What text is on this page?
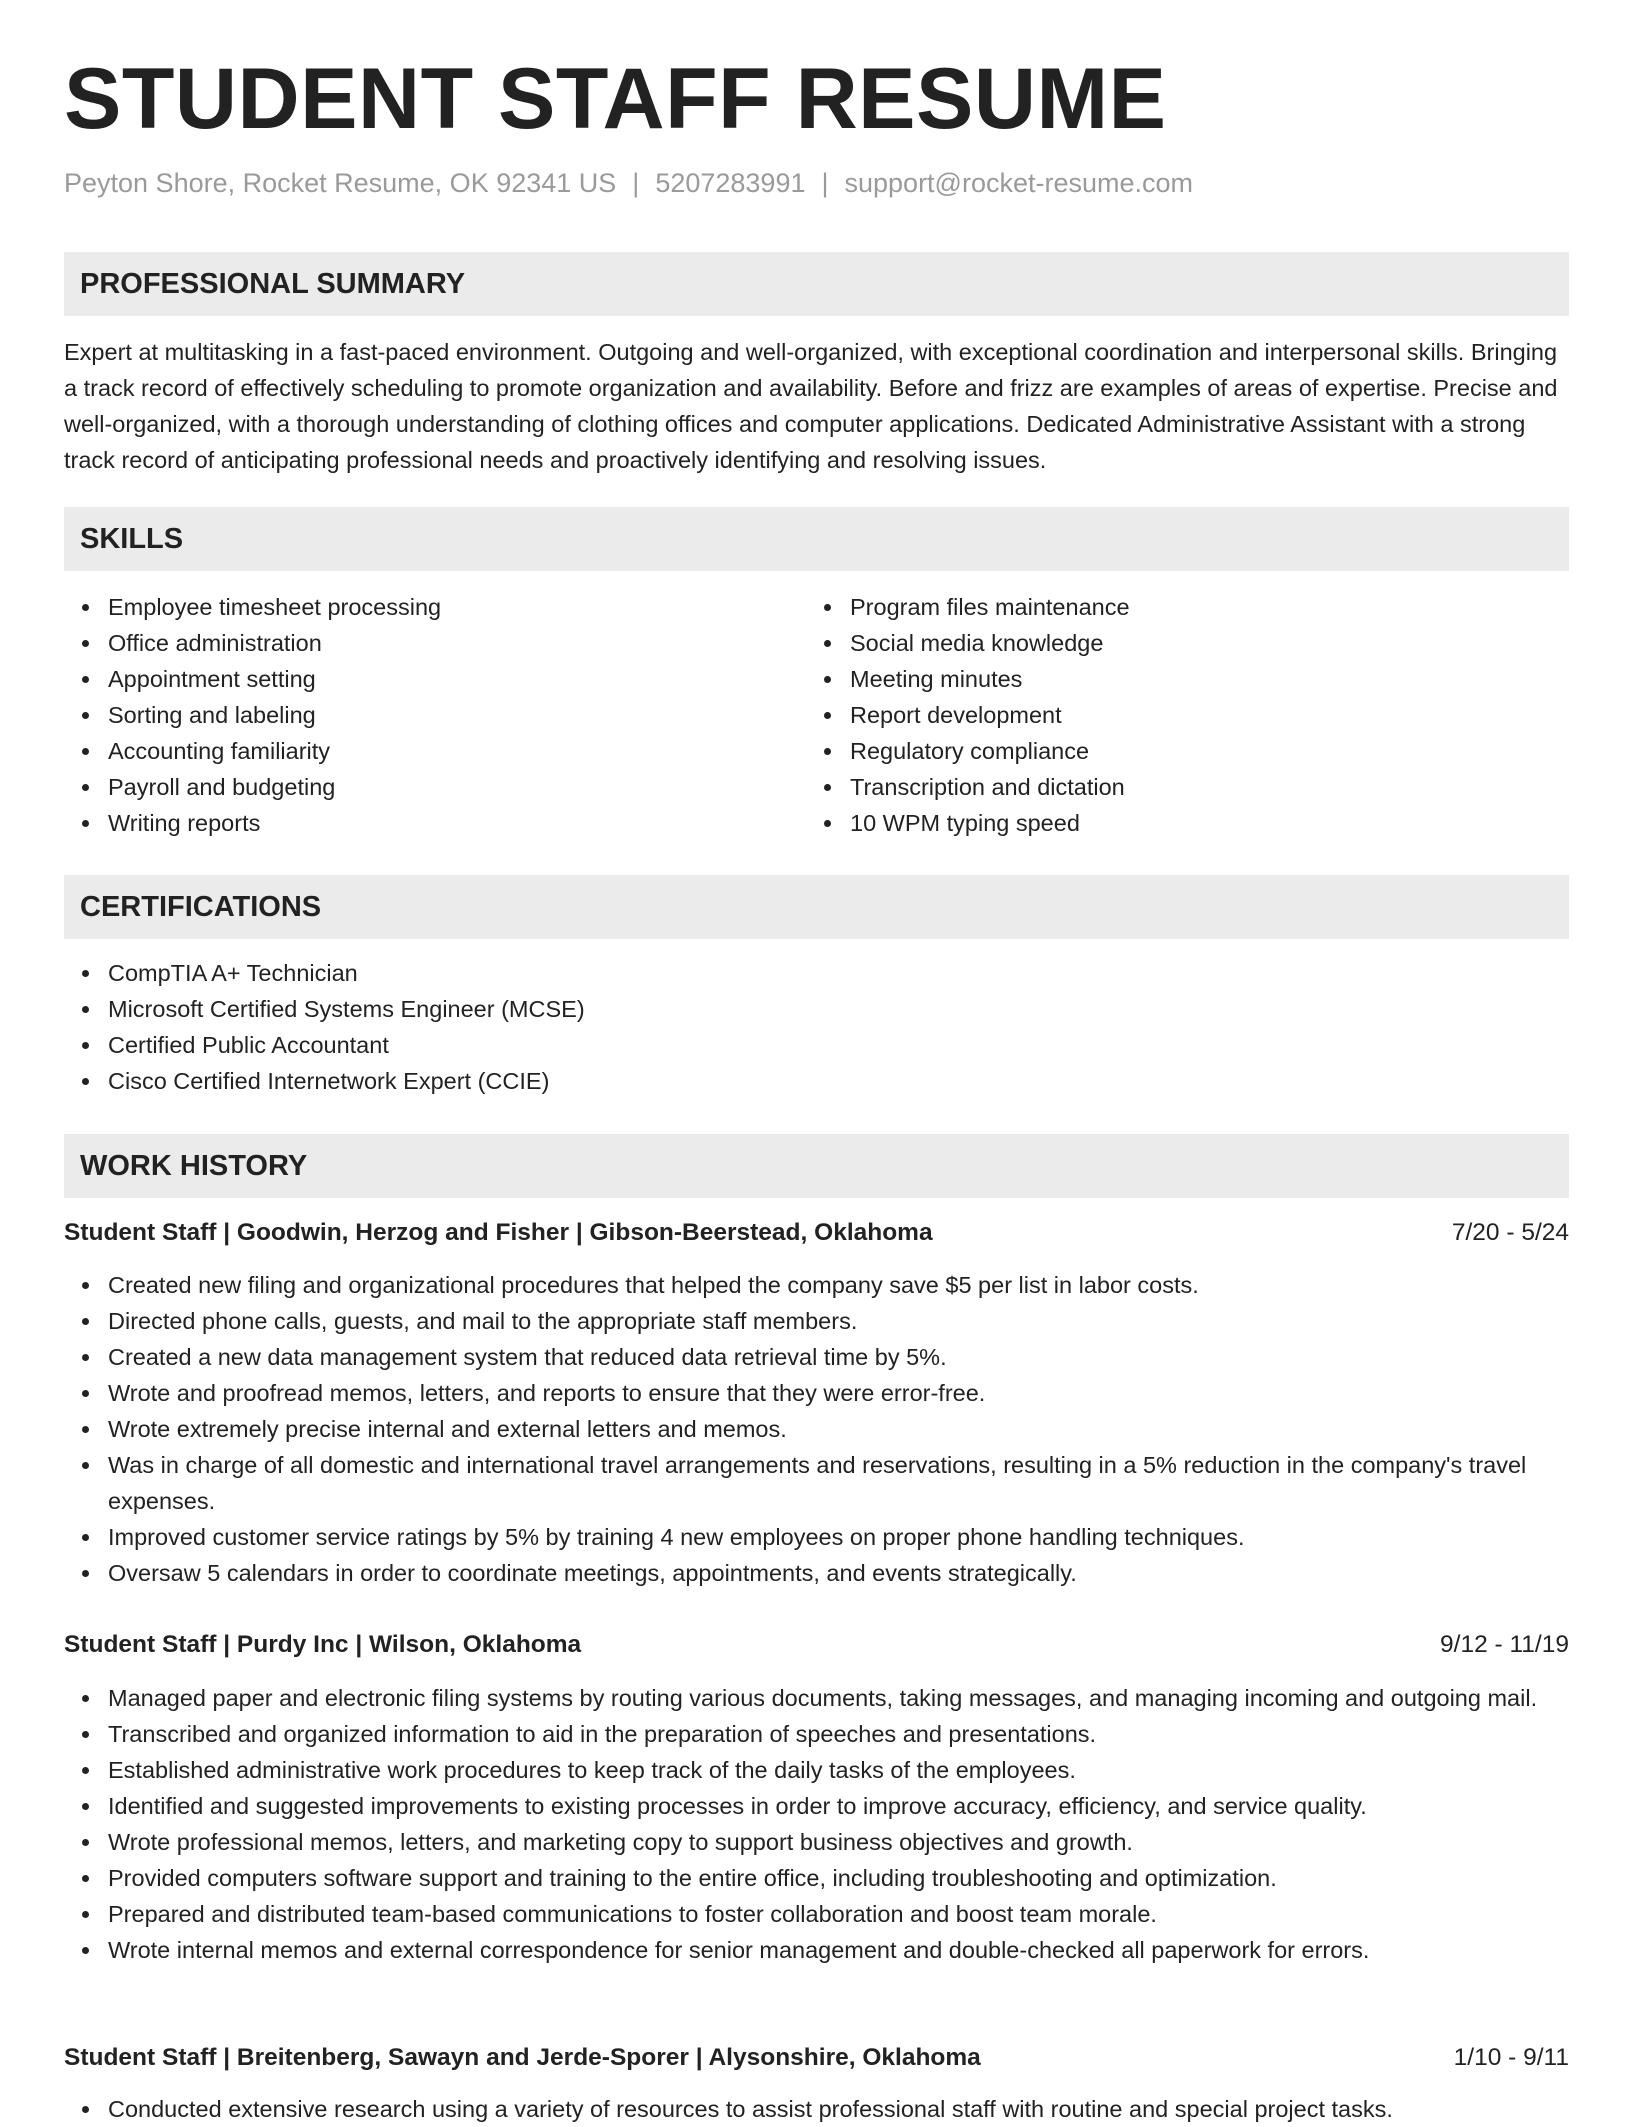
STUDENT STAFF RESUME
Peyton Shore, Rocket Resume, OK 92341 US | 5207283991 | support@rocket-resume.com
PROFESSIONAL SUMMARY

Expert at multitasking in a fast-paced environment. Outgoing and well-organized, with exceptional coordination and interpersonal skills. Bringing a track record of effectively scheduling to promote organization and availability. Before and frizz are examples of areas of expertise. Precise and well-organized, with a thorough understanding of clothing offices and computer applications. Dedicated Administrative Assistant with a strong track record of anticipating professional needs and proactively identifying and resolving issues.

SKILLS
Employee timesheet processing
Office administration
Appointment setting
Sorting and labeling
Accounting familiarity
Payroll and budgeting
Writing reports
Program files maintenance
Social media knowledge
Meeting minutes
Report development
Regulatory compliance
Transcription and dictation
10 WPM typing speed
CERTIFICATIONS
CompTIA A+ Technician
Microsoft Certified Systems Engineer (MCSE)
Certified Public Accountant
Cisco Certified Internetwork Expert (CCIE)
WORK HISTORY
Student Staff | Goodwin, Herzog and Fisher | Gibson-Beerstead, Oklahoma	7/20 - 5/24
Created new filing and organizational procedures that helped the company save $5 per list in labor costs.
Directed phone calls, guests, and mail to the appropriate staff members.
Created a new data management system that reduced data retrieval time by 5%.
Wrote and proofread memos, letters, and reports to ensure that they were error-free.
Wrote extremely precise internal and external letters and memos.
Was in charge of all domestic and international travel arrangements and reservations, resulting in a 5% reduction in the company's travel expenses.
Improved customer service ratings by 5% by training 4 new employees on proper phone handling techniques.
Oversaw 5 calendars in order to coordinate meetings, appointments, and events strategically.
Student Staff | Purdy Inc | Wilson, Oklahoma	9/12 - 11/19
Managed paper and electronic filing systems by routing various documents, taking messages, and managing incoming and outgoing mail.
Transcribed and organized information to aid in the preparation of speeches and presentations.
Established administrative work procedures to keep track of the daily tasks of the employees.
Identified and suggested improvements to existing processes in order to improve accuracy, efficiency, and service quality.
Wrote professional memos, letters, and marketing copy to support business objectives and growth.
Provided computers software support and training to the entire office, including troubleshooting and optimization.
Prepared and distributed team-based communications to foster collaboration and boost team morale.
Wrote internal memos and external correspondence for senior management and double-checked all paperwork for errors.
Student Staff | Breitenberg, Sawayn and Jerde-Sporer | Alysonshire, Oklahoma	1/10 - 9/11
Conducted extensive research using a variety of resources to assist professional staff with routine and special project tasks.
